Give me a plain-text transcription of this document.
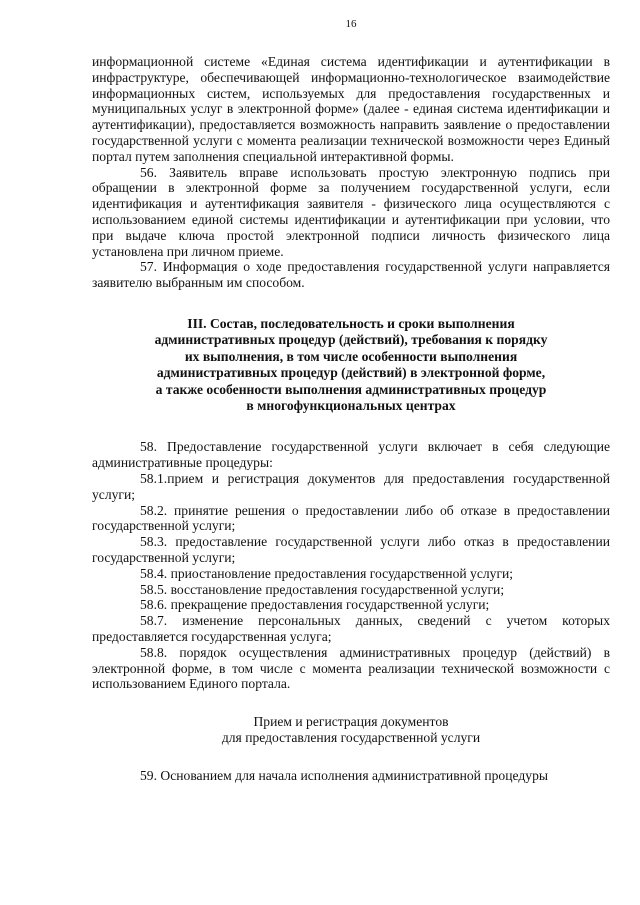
16

информационной системе «Единая система идентификации и аутентификации в инфраструктуре, обеспечивающей информационно-технологическое взаимодействие информационных систем, используемых для предоставления государственных и муниципальных услуг в электронной форме» (далее - единая система идентификации и аутентификации), предоставляется возможность направить заявление о предоставлении государственной услуги с момента реализации технической возможности через Единый портал путем заполнения специальной интерактивной формы.

56. Заявитель вправе использовать простую электронную подпись при обращении в электронной форме за получением государственной услуги, если идентификация и аутентификация заявителя - физического лица осуществляются с использованием единой системы идентификации и аутентификации при условии, что при выдаче ключа простой электронной подписи личность физического лица установлена при личном приеме.

57. Информация о ходе предоставления государственной услуги направляется заявителю выбранным им способом.

III. Состав, последовательность и сроки выполнения
административных процедур (действий), требования к порядку
их выполнения, в том числе особенности выполнения
административных процедур (действий) в электронной форме,
а также особенности выполнения административных процедур
в многофункциональных центрах

58. Предоставление государственной услуги включает в себя следующие административные процедуры:

58.1.прием и регистрация документов для предоставления государственной услуги;

58.2. принятие решения о предоставлении либо об отказе в предоставлении государственной услуги;

58.3. предоставление государственной услуги либо отказ в предоставлении государственной услуги;

58.4. приостановление предоставления государственной услуги;

58.5. восстановление предоставления государственной услуги;

58.6. прекращение предоставления государственной услуги;

58.7. изменение персональных данных, сведений с учетом которых предоставляется государственная услуга;

58.8. порядок осуществления административных процедур (действий) в электронной форме, в том числе с момента реализации технической возможности с использованием Единого портала.

Прием и регистрация документов
для предоставления государственной услуги

59. Основанием для начала исполнения административной процедуры
